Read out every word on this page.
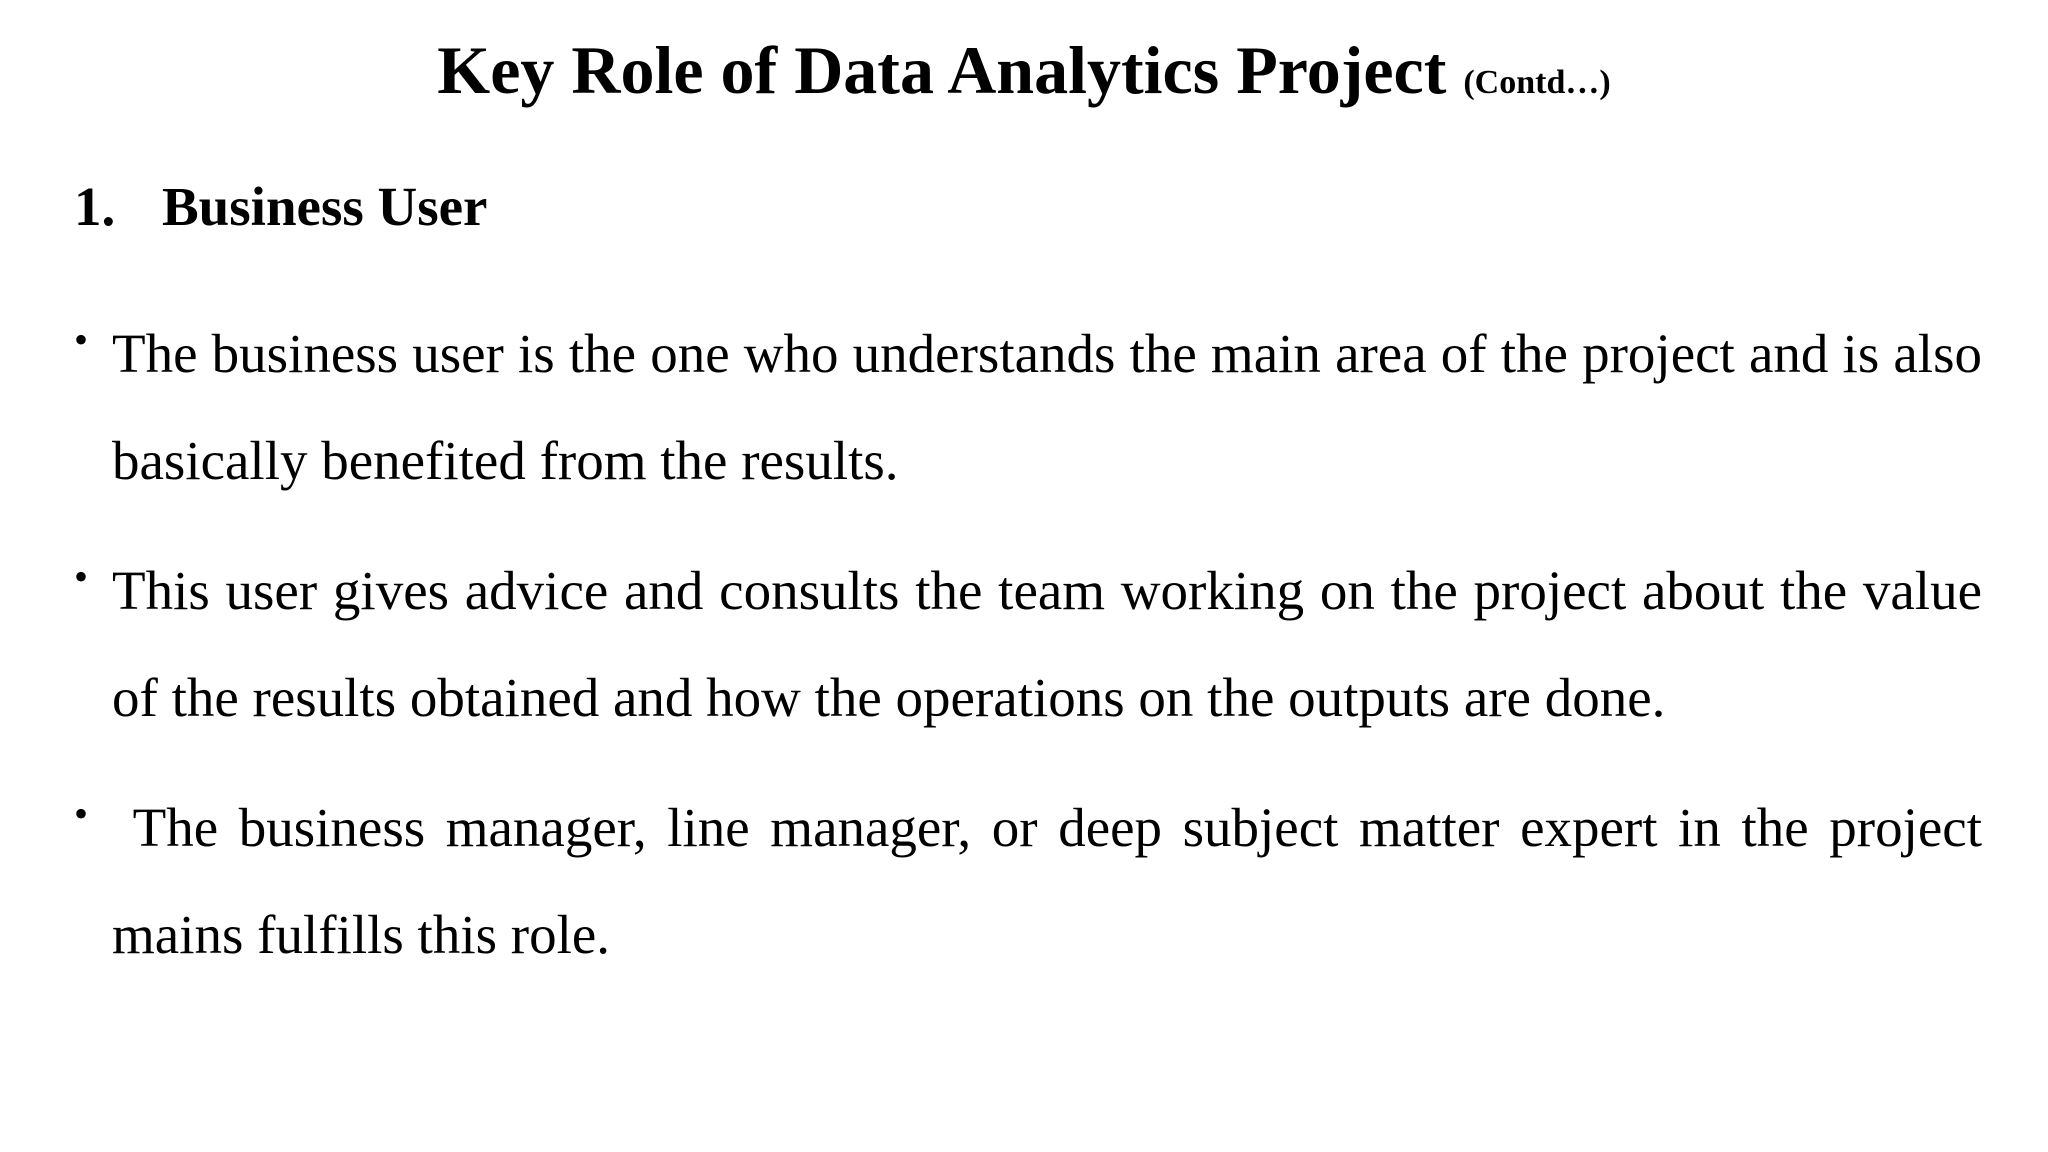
Key Role of Data Analytics Project (Contd…)
1. Business User
• The business user is the one who understands the main area of the project and is also basically benefited from the results.
• This user gives advice and consults the team working on the project about the value of the results obtained and how the operations on the outputs are done.
• The business manager, line manager, or deep subject matter expert in the project mains fulfills this role.
